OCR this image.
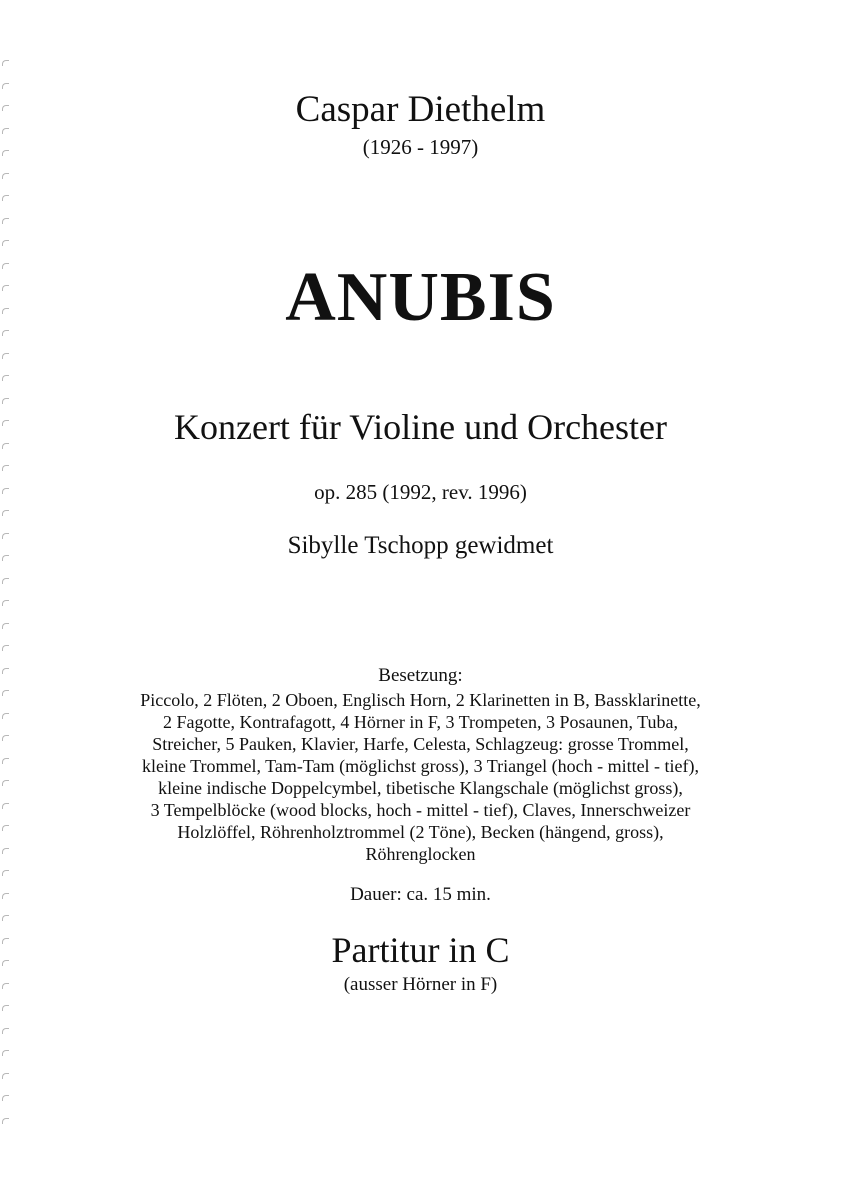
Caspar Diethelm
(1926 - 1997)
ANUBIS
Konzert für Violine und Orchester
op. 285 (1992, rev. 1996)
Sibylle Tschopp gewidmet
Besetzung:
Piccolo, 2 Flöten, 2 Oboen, Englisch Horn, 2 Klarinetten in B, Bassklarinette,
2 Fagotte, Kontrafagott, 4 Hörner in F, 3 Trompeten, 3 Posaunen, Tuba,
Streicher, 5 Pauken, Klavier, Harfe, Celesta, Schlagzeug: grosse Trommel,
kleine Trommel, Tam-Tam (möglichst gross), 3 Triangel (hoch - mittel - tief),
kleine indische Doppelcymbel, tibetische Klangschale (möglichst gross),
3 Tempelblöcke (wood blocks, hoch - mittel - tief), Claves, Innerschweizer
Holzlöffel, Röhrenholztrommel (2 Töne), Becken (hängend, gross),
Röhrenglocken
Dauer: ca. 15 min.
Partitur in C
(ausser Hörner in F)
